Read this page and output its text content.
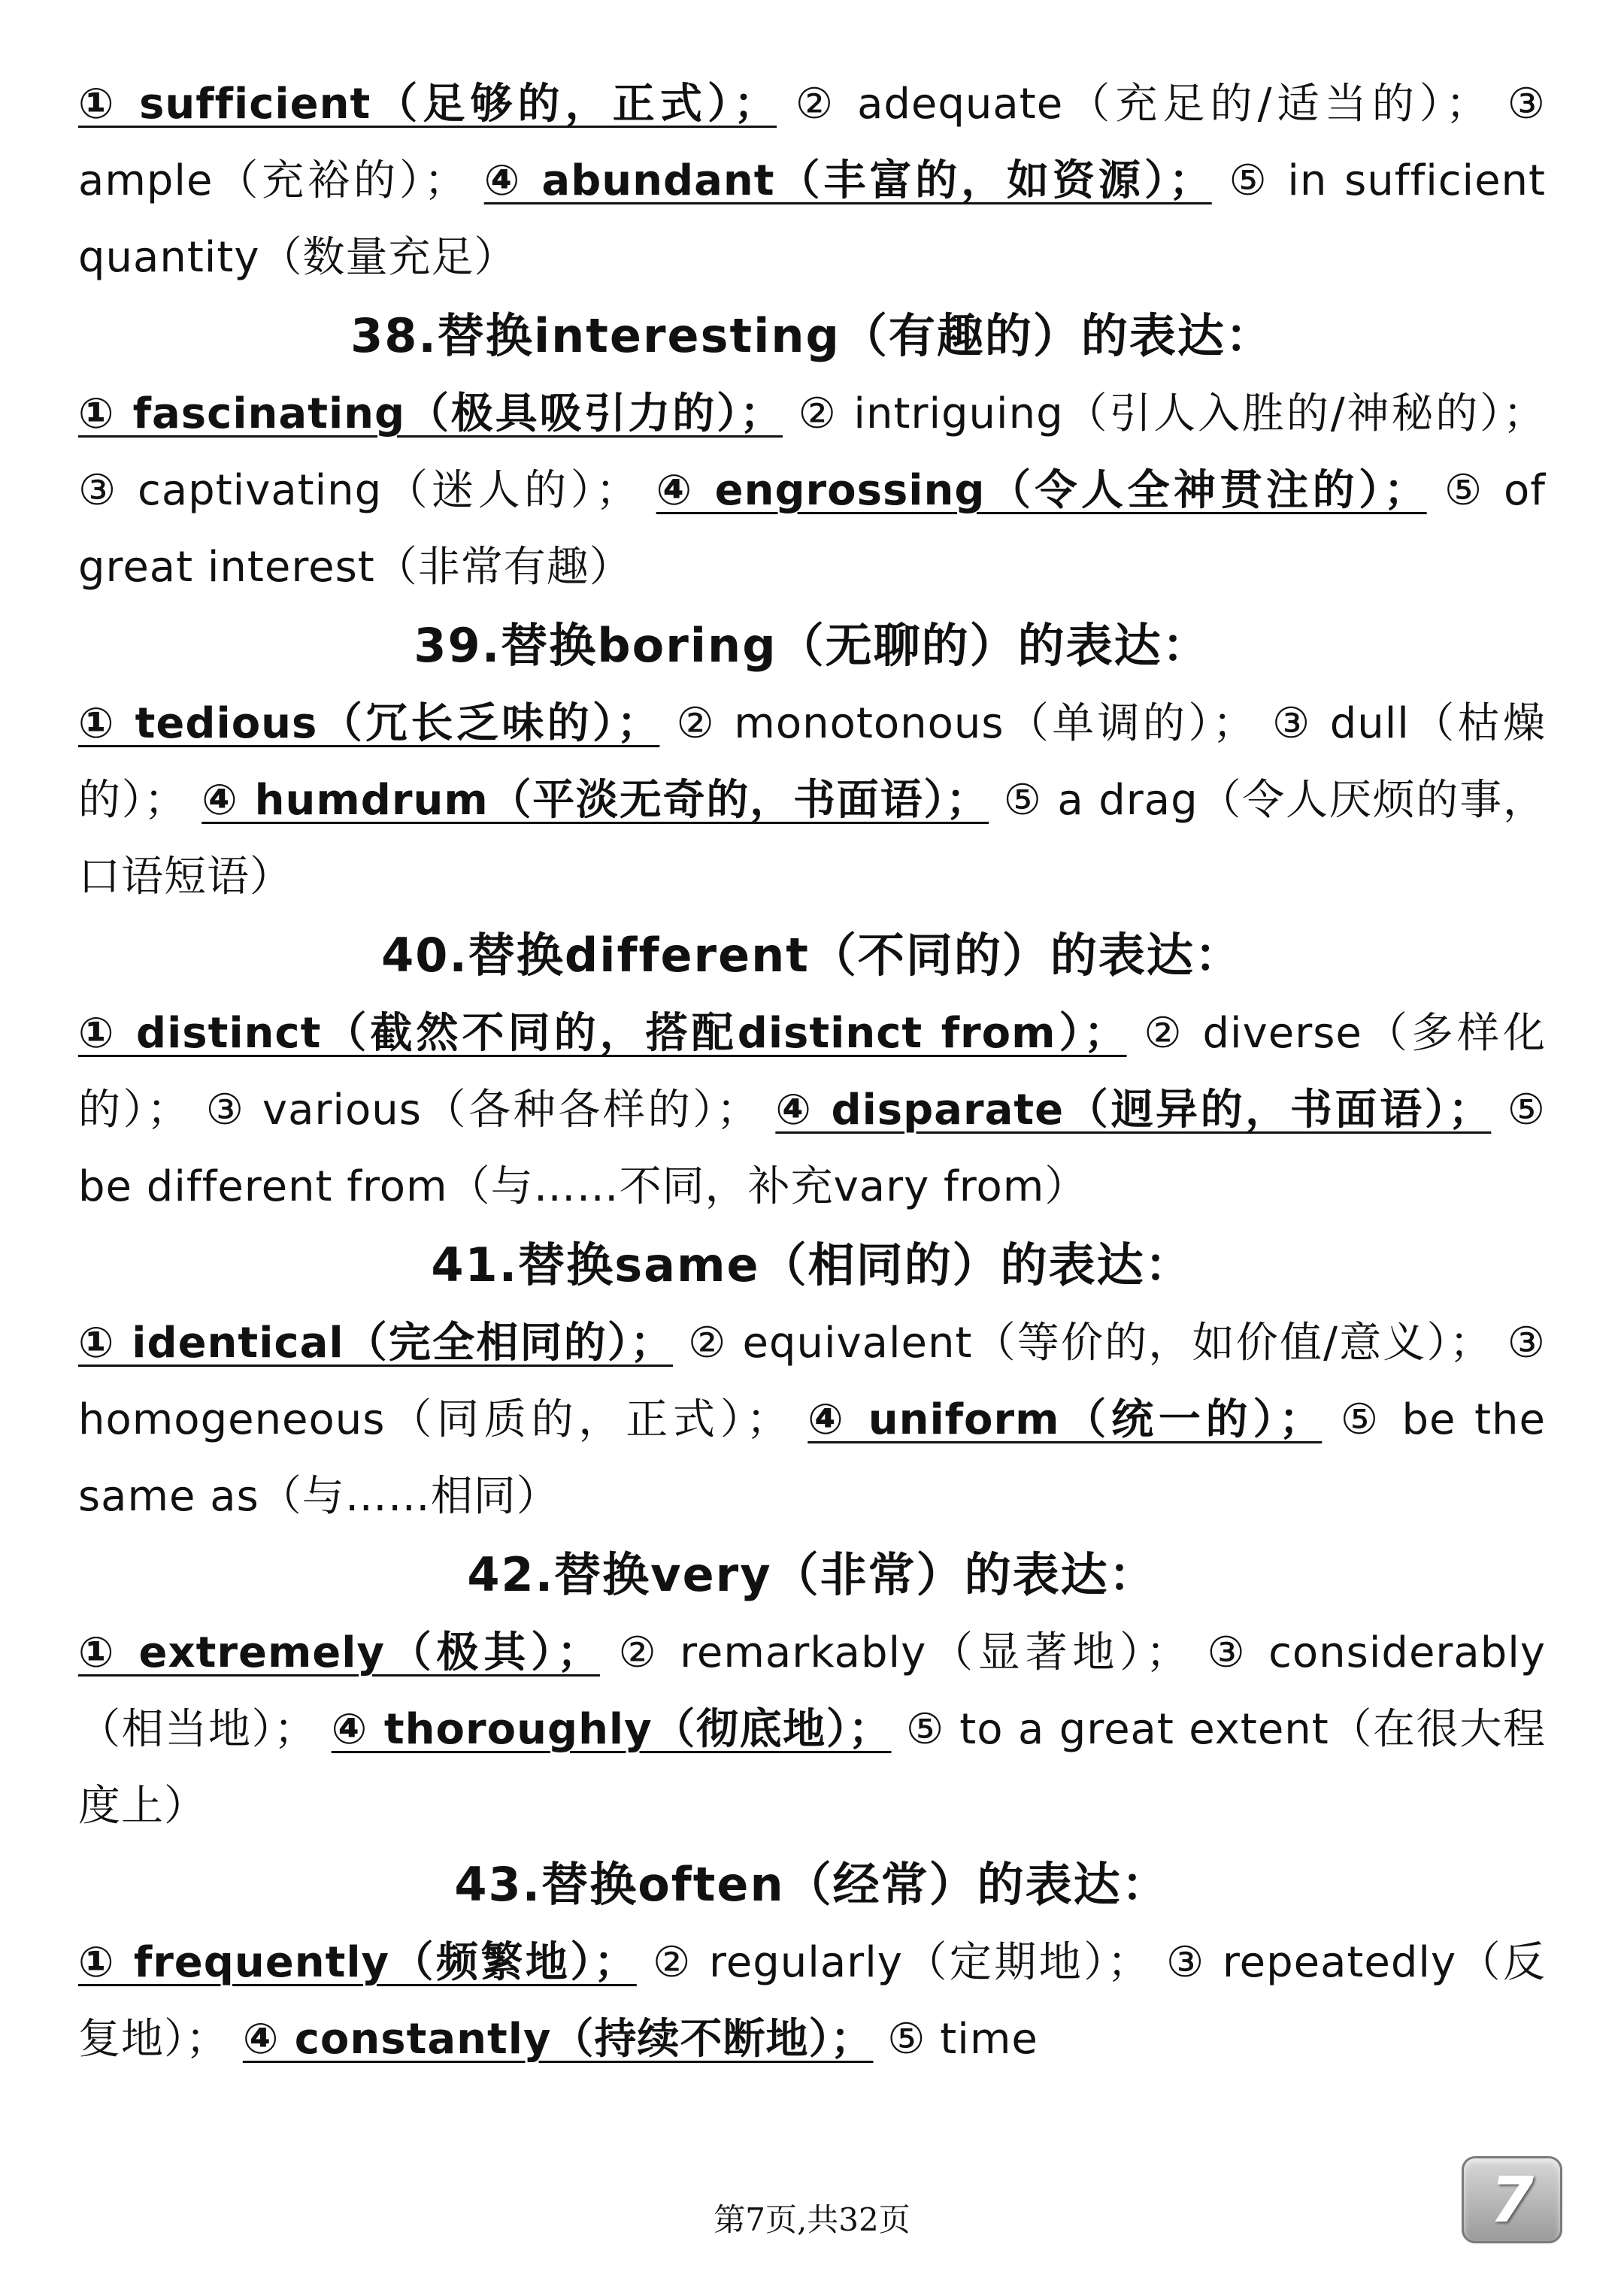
① sufficient（足够的，正式）； ② adequate（充足的/适当的）； ③ ample（充裕的）； ④ abundant（丰富的，如资源）； ⑤ in sufficient quantity（数量充足）

38.替换interesting（有趣的）的表达：

① fascinating（极具吸引力的）； ② intriguing（引人入胜的/神秘的）； ③ captivating（迷人的）； ④ engrossing（令人全神贯注的）； ⑤ of great interest（非常有趣）

39.替换boring（无聊的）的表达：

① tedious（冗长乏味的）； ② monotonous（单调的）； ③ dull（枯燥的）； ④ humdrum（平淡无奇的，书面语）； ⑤ a drag（令人厌烦的事，口语短语）

40.替换different（不同的）的表达：

① distinct（截然不同的，搭配distinct from）； ② diverse（多样化的）； ③ various（各种各样的）； ④ disparate（迥异的，书面语）； ⑤ be different from（与……不同，补充vary from）

41.替换same（相同的）的表达：

① identical（完全相同的）； ② equivalent（等价的，如价值/意义）； ③ homogeneous（同质的，正式）； ④ uniform（统一的）； ⑤ be the same as（与……相同）

42.替换very（非常）的表达：

① extremely（极其）； ② remarkably（显著地）； ③ considerably（相当地）； ④ thoroughly（彻底地）； ⑤ to a great extent（在很大程度上）

43.替换often（经常）的表达：

① frequently（频繁地）； ② regularly（定期地）； ③ repeatedly（反复地）； ④ constantly（持续不断地）； ⑤ time

第7页,共32页	7
